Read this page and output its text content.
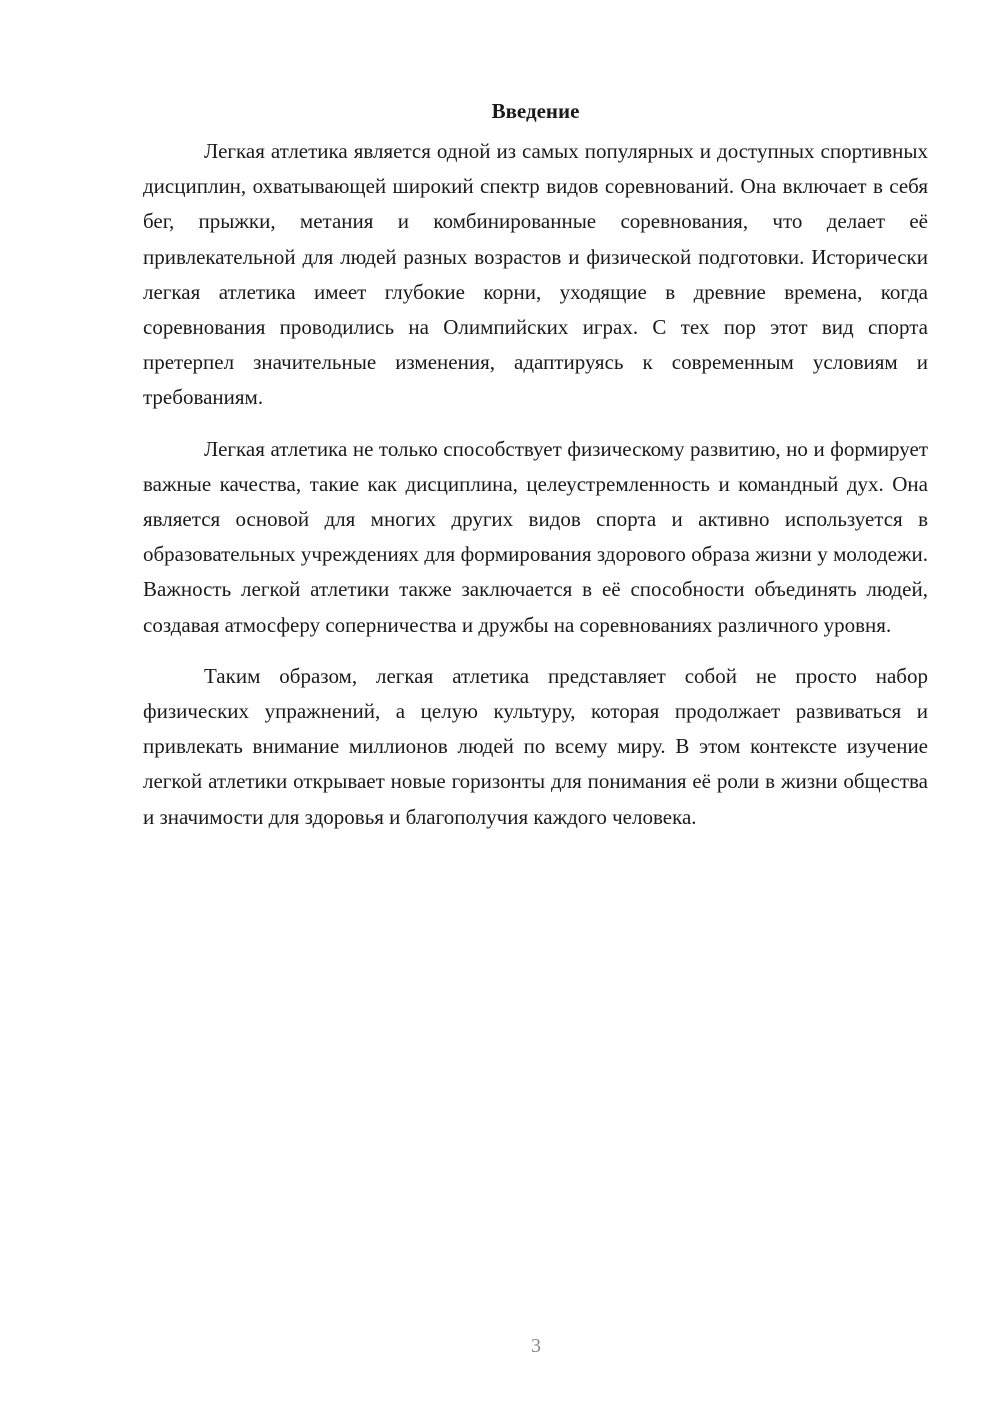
Введение

Легкая атлетика является одной из самых популярных и доступных спортивных дисциплин, охватывающей широкий спектр видов соревнований. Она включает в себя бег, прыжки, метания и комбинированные соревнования, что делает её привлекательной для людей разных возрастов и физической подготовки. Исторически легкая атлетика имеет глубокие корни, уходящие в древние времена, когда соревнования проводились на Олимпийских играх. С тех пор этот вид спорта претерпел значительные изменения, адаптируясь к современным условиям и требованиям.

Легкая атлетика не только способствует физическому развитию, но и формирует важные качества, такие как дисциплина, целеустремленность и командный дух. Она является основой для многих других видов спорта и активно используется в образовательных учреждениях для формирования здорового образа жизни у молодежи. Важность легкой атлетики также заключается в её способности объединять людей, создавая атмосферу соперничества и дружбы на соревнованиях различного уровня.

Таким образом, легкая атлетика представляет собой не просто набор физических упражнений, а целую культуру, которая продолжает развиваться и привлекать внимание миллионов людей по всему миру. В этом контексте изучение легкой атлетики открывает новые горизонты для понимания её роли в жизни общества и значимости для здоровья и благополучия каждого человека.

3
